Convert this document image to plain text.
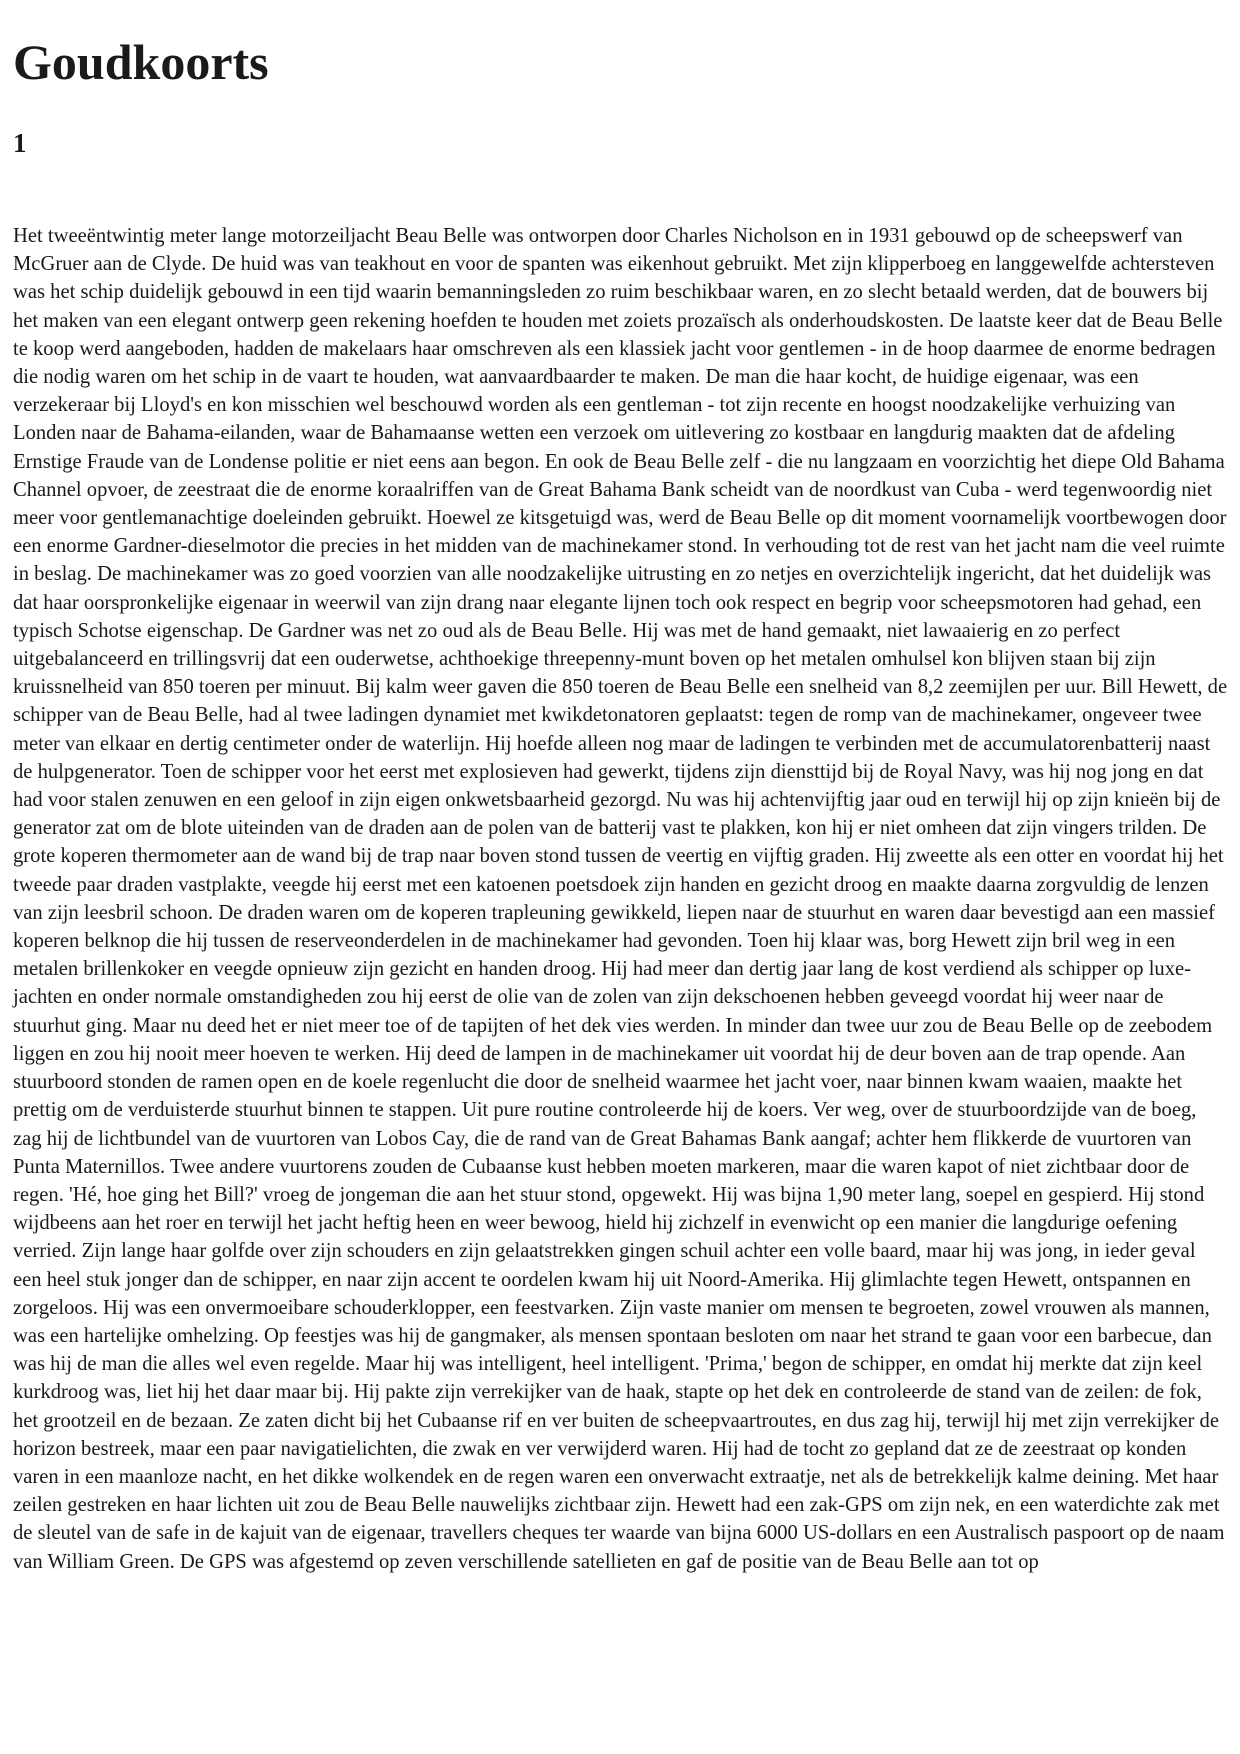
Goudkoorts
1

Het tweeëntwintig meter lange motorzeiljacht Beau Belle was ontworpen door Charles Nicholson en in 1931 gebouwd op de scheepswerf van McGruer aan de Clyde. De huid was van teakhout en voor de spanten was eikenhout gebruikt. Met zijn klipperboeg en langgewelfde achtersteven was het schip duidelijk gebouwd in een tijd waarin bemanningsleden zo ruim beschikbaar waren, en zo slecht betaald werden, dat de bouwers bij het maken van een elegant ontwerp geen rekening hoefden te houden met zoiets prozaïsch als onderhoudskosten. De laatste keer dat de Beau Belle te koop werd aangeboden, hadden de makelaars haar omschreven als een klassiek jacht voor gentlemen - in de hoop daarmee de enorme bedragen die nodig waren om het schip in de vaart te houden, wat aanvaardbaarder te maken. De man die haar kocht, de huidige eigenaar, was een verzekeraar bij Lloyd's en kon misschien wel beschouwd worden als een gentleman - tot zijn recente en hoogst noodzakelijke verhuizing van Londen naar de Bahama-eilanden, waar de Bahamaanse wetten een verzoek om uitlevering zo kostbaar en langdurig maakten dat de afdeling Ernstige Fraude van de Londense politie er niet eens aan begon. En ook de Beau Belle zelf - die nu langzaam en voorzichtig het diepe Old Bahama Channel opvoer, de zeestraat die de enorme koraalriffen van de Great Bahama Bank scheidt van de noordkust van Cuba - werd tegenwoordig niet meer voor gentlemanachtige doeleinden gebruikt. Hoewel ze kitsgetuigd was, werd de Beau Belle op dit moment voornamelijk voortbewogen door een enorme Gardner-dieselmotor die precies in het midden van de machinekamer stond. In verhouding tot de rest van het jacht nam die veel ruimte in beslag. De machinekamer was zo goed voorzien van alle noodzakelijke uitrusting en zo netjes en overzichtelijk ingericht, dat het duidelijk was dat haar oorspronkelijke eigenaar in weerwil van zijn drang naar elegante lijnen toch ook respect en begrip voor scheepsmotoren had gehad, een typisch Schotse eigenschap. De Gardner was net zo oud als de Beau Belle. Hij was met de hand gemaakt, niet lawaaierig en zo perfect uitgebalanceerd en trillingsvrij dat een ouderwetse, achthoekige threepenny-munt boven op het metalen omhulsel kon blijven staan bij zijn kruissnelheid van 850 toeren per minuut. Bij kalm weer gaven die 850 toeren de Beau Belle een snelheid van 8,2 zeemijlen per uur. Bill Hewett, de schipper van de Beau Belle, had al twee ladingen dynamiet met kwikdetonatoren geplaatst: tegen de romp van de machinekamer, ongeveer twee meter van elkaar en dertig centimeter onder de waterlijn. Hij hoefde alleen nog maar de ladingen te verbinden met de accumulatorenbatterij naast de hulpgenerator. Toen de schipper voor het eerst met explosieven had gewerkt, tijdens zijn diensttijd bij de Royal Navy, was hij nog jong en dat had voor stalen zenuwen en een geloof in zijn eigen onkwetsbaarheid gezorgd. Nu was hij achtenvijftig jaar oud en terwijl hij op zijn knieën bij de generator zat om de blote uiteinden van de draden aan de polen van de batterij vast te plakken, kon hij er niet omheen dat zijn vingers trilden. De grote koperen thermometer aan de wand bij de trap naar boven stond tussen de veertig en vijftig graden. Hij zweette als een otter en voordat hij het tweede paar draden vastplakte, veegde hij eerst met een katoenen poetsdoek zijn handen en gezicht droog en maakte daarna zorgvuldig de lenzen van zijn leesbril schoon. De draden waren om de koperen trapleuning gewikkeld, liepen naar de stuurhut en waren daar bevestigd aan een massief koperen belknop die hij tussen de reserveonderdelen in de machinekamer had gevonden. Toen hij klaar was, borg Hewett zijn bril weg in een metalen brillenkoker en veegde opnieuw zijn gezicht en handen droog. Hij had meer dan dertig jaar lang de kost verdiend als schipper op luxe- jachten en onder normale omstandigheden zou hij eerst de olie van de zolen van zijn dekschoenen hebben geveegd voordat hij weer naar de stuurhut ging. Maar nu deed het er niet meer toe of de tapijten of het dek vies werden. In minder dan twee uur zou de Beau Belle op de zeebodem liggen en zou hij nooit meer hoeven te werken. Hij deed de lampen in de machinekamer uit voordat hij de deur boven aan de trap opende. Aan stuurboord stonden de ramen open en de koele regenlucht die door de snelheid waarmee het jacht voer, naar binnen kwam waaien, maakte het prettig om de verduisterde stuurhut binnen te stappen. Uit pure routine controleerde hij de koers. Ver weg, over de stuurboordzijde van de boeg, zag hij de lichtbundel van de vuurtoren van Lobos Cay, die de rand van de Great Bahamas Bank aangaf; achter hem flikkerde de vuurtoren van Punta Maternillos. Twee andere vuurtorens zouden de Cubaanse kust hebben moeten markeren, maar die waren kapot of niet zichtbaar door de regen. 'Hé, hoe ging het Bill?' vroeg de jongeman die aan het stuur stond, opgewekt. Hij was bijna 1,90 meter lang, soepel en gespierd. Hij stond wijdbeens aan het roer en terwijl het jacht heftig heen en weer bewoog, hield hij zichzelf in evenwicht op een manier die langdurige oefening verried. Zijn lange haar golfde over zijn schouders en zijn gelaatstrekken gingen schuil achter een volle baard, maar hij was jong, in ieder geval een heel stuk jonger dan de schipper, en naar zijn accent te oordelen kwam hij uit Noord-Amerika. Hij glimlachte tegen Hewett, ontspannen en zorgeloos. Hij was een onvermoeibare schouderklopper, een feestvarken. Zijn vaste manier om mensen te begroeten, zowel vrouwen als mannen, was een hartelijke omhelzing. Op feestjes was hij de gangmaker, als mensen spontaan besloten om naar het strand te gaan voor een barbecue, dan was hij de man die alles wel even regelde. Maar hij was intelligent, heel intelligent. 'Prima,' begon de schipper, en omdat hij merkte dat zijn keel kurkdroog was, liet hij het daar maar bij. Hij pakte zijn verrekijker van de haak, stapte op het dek en controleerde de stand van de zeilen: de fok, het grootzeil en de bezaan. Ze zaten dicht bij het Cubaanse rif en ver buiten de scheepvaartroutes, en dus zag hij, terwijl hij met zijn verrekijker de horizon bestreek, maar een paar navigatielichten, die zwak en ver verwijderd waren. Hij had de tocht zo gepland dat ze de zeestraat op konden varen in een maanloze nacht, en het dikke wolkendek en de regen waren een onverwacht extraatje, net als de betrekkelijk kalme deining. Met haar zeilen gestreken en haar lichten uit zou de Beau Belle nauwelijks zichtbaar zijn. Hewett had een zak-GPS om zijn nek, en een waterdichte zak met de sleutel van de safe in de kajuit van de eigenaar, travellers cheques ter waarde van bijna 6000 US-dollars en een Australisch paspoort op de naam van William Green. De GPS was afgestemd op zeven verschillende satellieten en gaf de positie van de Beau Belle aan tot op
